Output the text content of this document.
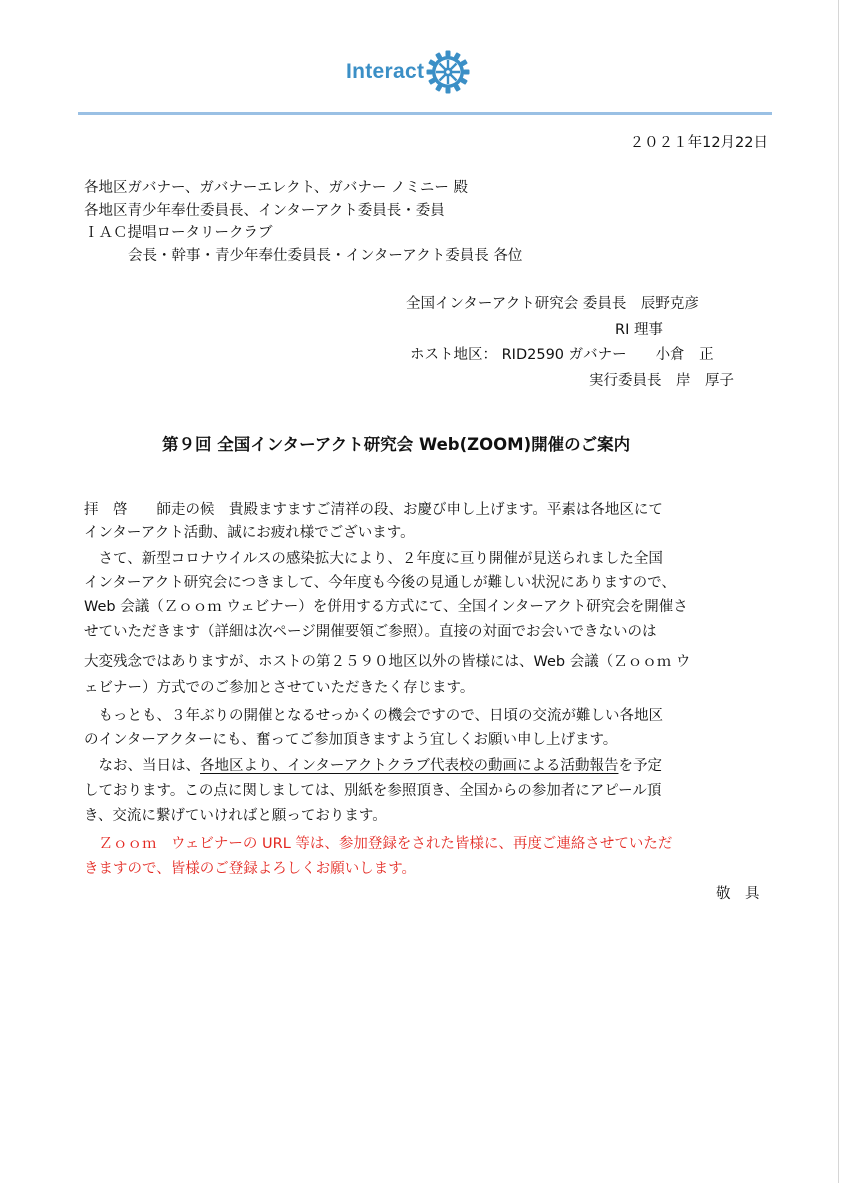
Interact
２０２１年12月22日
各地区ガバナー、ガバナーエレクト、ガバナー ノミニー 殿
各地区青少年奉仕委員長、インターアクト委員長・委員
ＩＡＣ提唱ロータリークラブ
会長・幹事・青少年奉仕委員長・インターアクト委員長 各位
全国インターアクト研究会 委員長　辰野克彦
RI 理事
ホスト地区： RID2590 ガバナー　　小倉　正
実行委員長　岸　厚子
第９回 全国インターアクト研究会 Web(ZOOM)開催のご案内
拝　啓　　師走の候　貴殿ますますご清祥の段、お慶び申し上げます。平素は各地区にて
インターアクト活動、誠にお疲れ様でございます。
　さて、新型コロナウイルスの感染拡大により、２年度に亘り開催が見送られました全国
インターアクト研究会につきまして、今年度も今後の見通しが難しい状況にありますので、
Web 会議（Ｚｏｏｍ ウェビナー）を併用する方式にて、全国インターアクト研究会を開催さ
せていただきます（詳細は次ページ開催要領ご参照）。直接の対面でお会いできないのは
大変残念ではありますが、ホストの第２５９０地区以外の皆様には、Web 会議（Ｚｏｏｍ ウ
ェビナー）方式でのご参加とさせていただきたく存じます。
　もっとも、３年ぶりの開催となるせっかくの機会ですので、日頃の交流が難しい各地区
のインターアクターにも、奮ってご参加頂きますよう宜しくお願い申し上げます。
　なお、当日は、各地区より、インターアクトクラブ代表校の動画による活動報告を予定
しております。この点に関しましては、別紙を参照頂き、全国からの参加者にアピール頂
き、交流に繋げていければと願っております。
　Ｚｏｏｍ　ウェビナーの URL 等は、参加登録をされた皆様に、再度ご連絡させていただ
きますので、皆様のご登録よろしくお願いします。
敬　具
